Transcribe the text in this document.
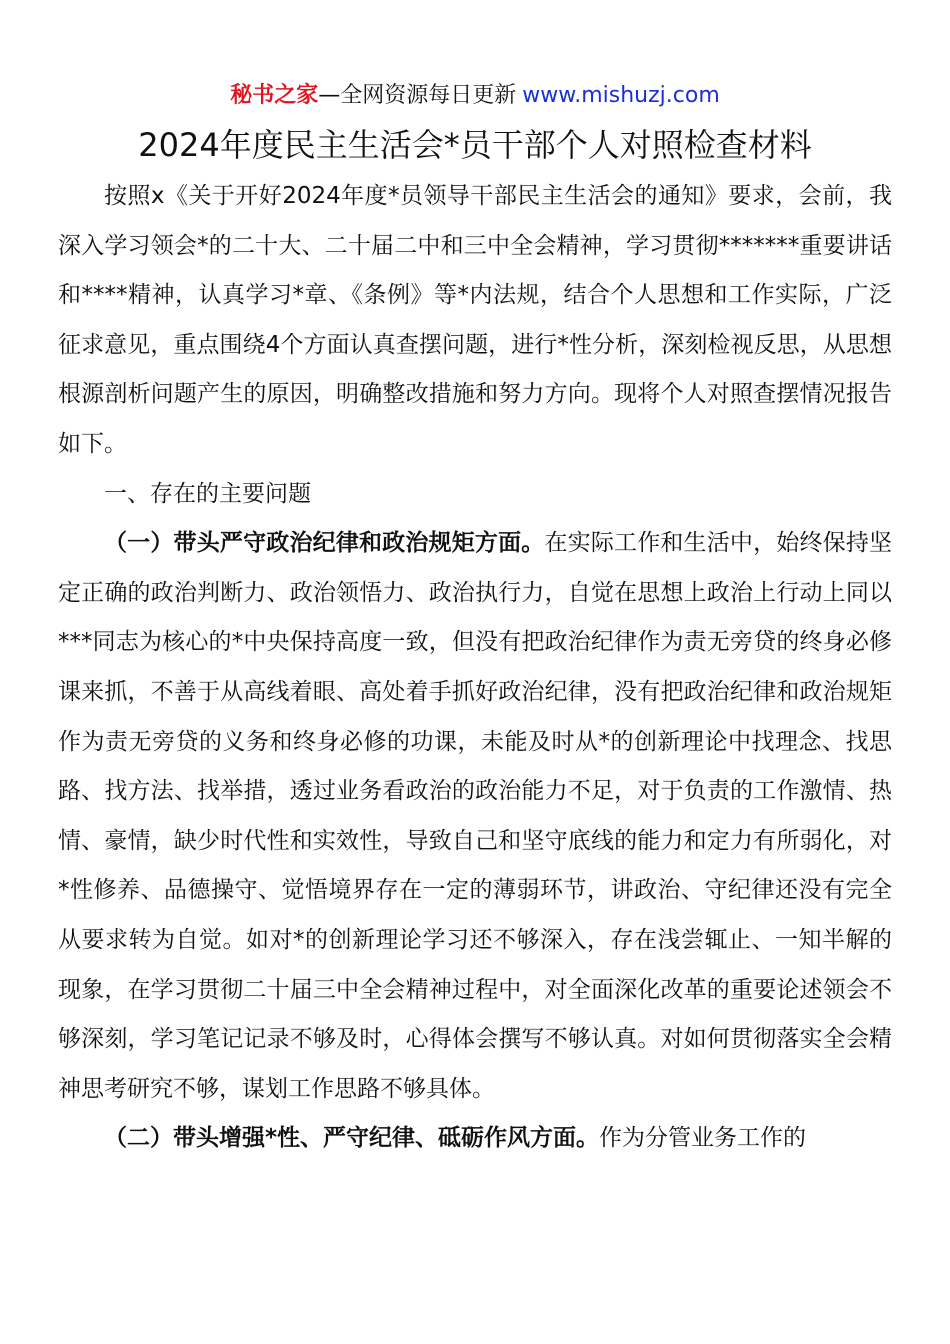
秘书之家—全网资源每日更新 www.mishuzj.com
2024年度民主生活会*员干部个人对照检查材料

按照x《关于开好2024年度*员领导干部民主生活会的通知》要求，会前，我深入学习领会*的二十大、二十届二中和三中全会精神，学习贯彻*******重要讲话和****精神，认真学习*章、《条例》等*内法规，结合个人思想和工作实际，广泛征求意见，重点围绕4个方面认真查摆问题，进行*性分析，深刻检视反思，从思想根源剖析问题产生的原因，明确整改措施和努力方向。现将个人对照查摆情况报告如下。

一、存在的主要问题

（一）带头严守政治纪律和政治规矩方面。在实际工作和生活中，始终保持坚定正确的政治判断力、政治领悟力、政治执行力，自觉在思想上政治上行动上同以***同志为核心的*中央保持高度一致，但没有把政治纪律作为责无旁贷的终身必修课来抓，不善于从高线着眼、高处着手抓好政治纪律，没有把政治纪律和政治规矩作为责无旁贷的义务和终身必修的功课，未能及时从*的创新理论中找理念、找思路、找方法、找举措，透过业务看政治的政治能力不足，对于负责的工作激情、热情、豪情，缺少时代性和实效性，导致自己和坚守底线的能力和定力有所弱化，对*性修养、品德操守、觉悟境界存在一定的薄弱环节，讲政治、守纪律还没有完全从要求转为自觉。如对*的创新理论学习还不够深入，存在浅尝辄止、一知半解的现象，在学习贯彻二十届三中全会精神过程中，对全面深化改革的重要论述领会不够深刻，学习笔记记录不够及时，心得体会撰写不够认真。对如何贯彻落实全会精神思考研究不够，谋划工作思路不够具体。

（二）带头增强*性、严守纪律、砥砺作风方面。作为分管业务工作的
